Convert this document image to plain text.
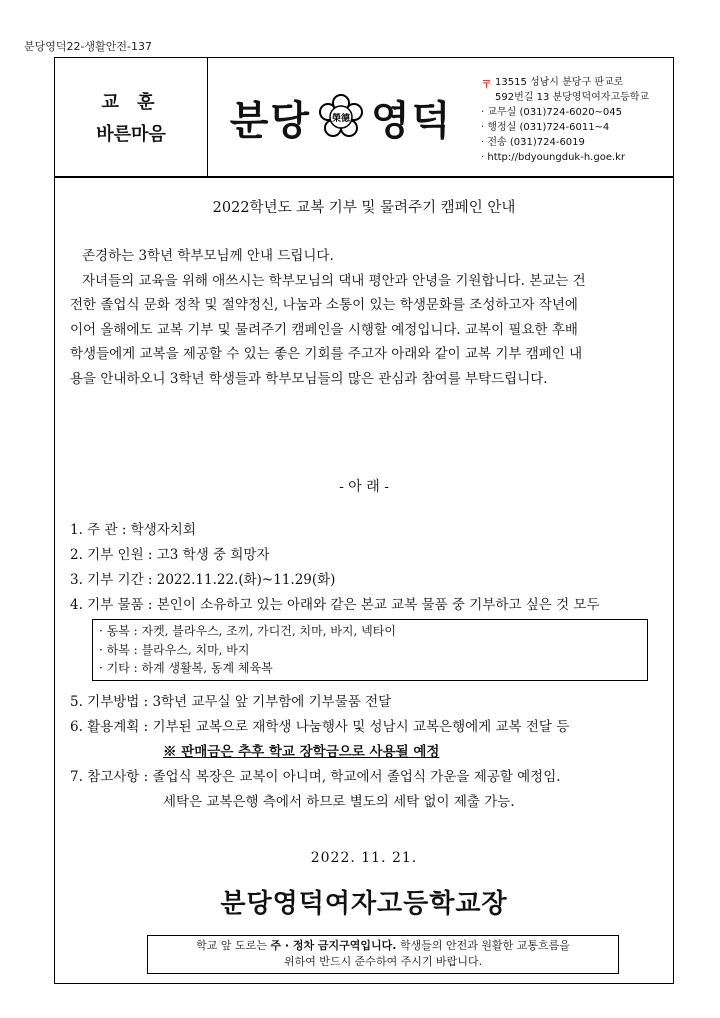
분당영덕22-생활안전-137
교 훈
바른마음 분당 榮德 영덕
〒 13515 성남시 분당구 판교로
592번길 13 분당영덕여자고등학교
· 교무실 (031)724-6020~045
· 행정실 (031)724-6011~4
· 전송 (031)724-6019
· http://bdyoungduk-h.goe.kr
2022학년도 교복 기부 및 물려주기 캠페인 안내
존경하는 3학년 학부모님께 안내 드립니다.
자녀들의 교육을 위해 애쓰시는 학부모님의 댁내 평안과 안녕을 기원합니다. 본교는 건
전한 졸업식 문화 정착 및 절약정신, 나눔과 소통이 있는 학생문화를 조성하고자 작년에
이어 올해에도 교복 기부 및 물려주기 캠페인을 시행할 예정입니다. 교복이 필요한 후배
학생들에게 교복을 제공할 수 있는 좋은 기회를 주고자 아래와 같이 교복 기부 캠페인 내
용을 안내하오니 3학년 학생들과 학부모님들의 많은 관심과 참여를 부탁드립니다.
- 아 래 -
1. 주 관 : 학생자치회
2. 기부 인원 : 고3 학생 중 희망자
3. 기부 기간 : 2022.11.22.(화)~11.29(화)
4. 기부 물품 : 본인이 소유하고 있는 아래와 같은 본교 교복 물품 중 기부하고 싶은 것 모두
· 동복 : 자켓, 블라우스, 조끼, 가디건, 치마, 바지, 넥타이
· 하복 : 블라우스, 치마, 바지
· 기타 : 하계 생활복, 동계 체육복
5. 기부방법 : 3학년 교무실 앞 기부함에 기부물품 전달
6. 활용계획 : 기부된 교복으로 재학생 나눔행사 및 성남시 교복은행에게 교복 전달 등
※ 판매금은 추후 학교 장학금으로 사용될 예정
7. 참고사항 : 졸업식 복장은 교복이 아니며, 학교에서 졸업식 가운을 제공할 예정임.
세탁은 교복은행 측에서 하므로 별도의 세탁 없이 제출 가능.
2022. 11. 21.
분당영덕여자고등학교장
학교 앞 도로는 주 · 정차 금지구역입니다. 학생들의 안전과 원활한 교통흐름을
위하여 반드시 준수하여 주시기 바랍니다.
